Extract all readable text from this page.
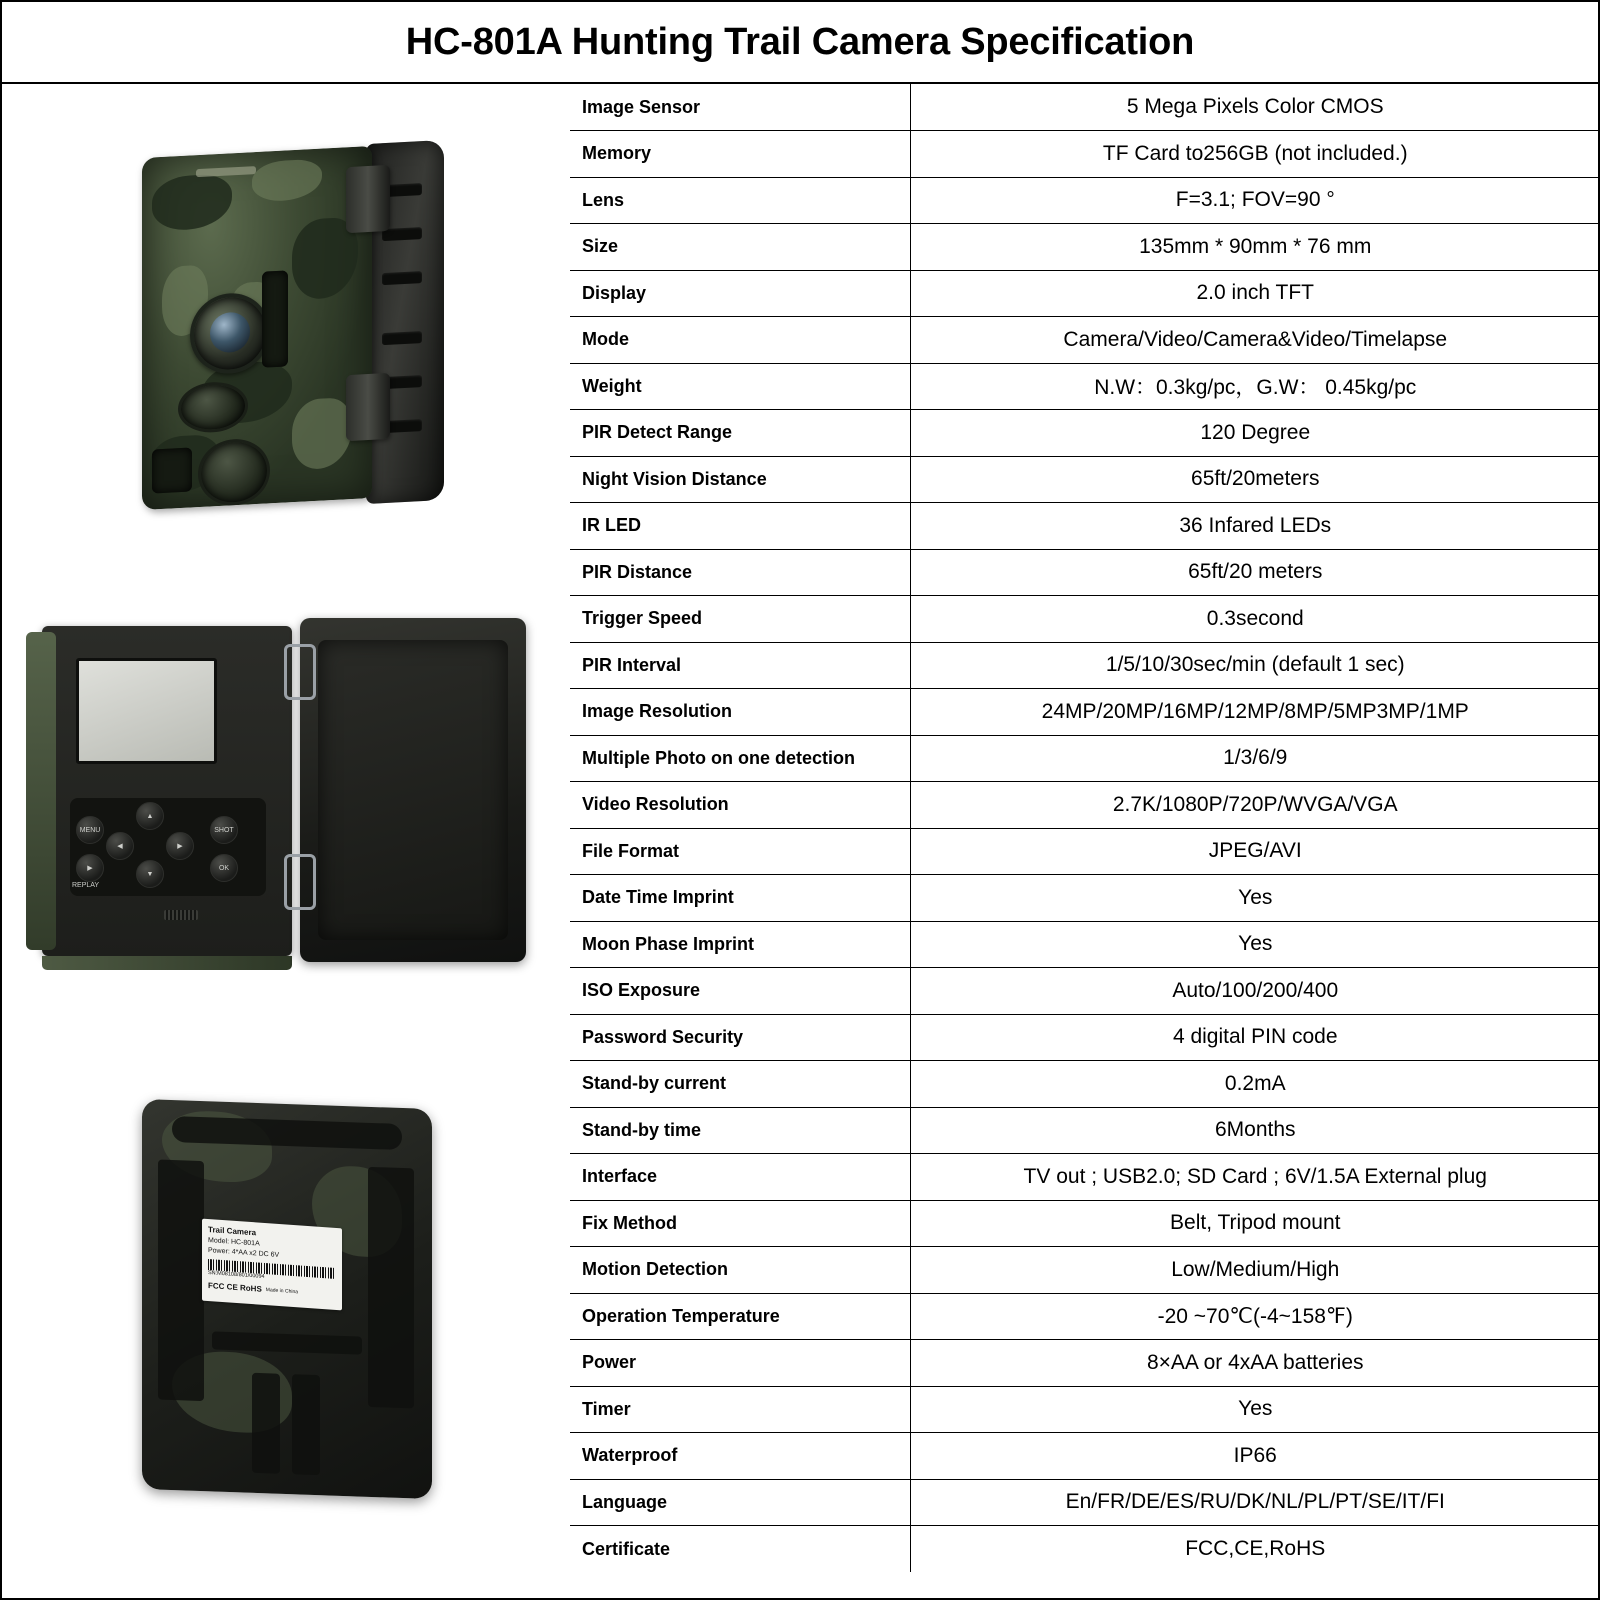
HC-801A Hunting Trail Camera Specification
MENU
▲
◀	▶
▼
▶
SHOT
OK
REPLAY
Trail Camera
Model: HC-801A
Power: 4*AA x2 DC 6V
SN:M08108/801/00094
FCC CE RoHS Made in China
Image Sensor	5 Mega Pixels Color CMOS
Memory	TF Card to256GB (not included.)
Lens	F=3.1; FOV=90 °
Size	135mm * 90mm * 76 mm
Display	2.0 inch TFT
Mode	Camera/Video/Camera&Video/Timelapse
Weight	N.W：0.3kg/pc，G.W： 0.45kg/pc
PIR Detect Range	120 Degree
Night Vision Distance	65ft/20meters
IR LED	36 Infared LEDs
PIR Distance	65ft/20 meters
Trigger Speed	0.3second
PIR Interval	1/5/10/30sec/min (default 1 sec)
Image Resolution	24MP/20MP/16MP/12MP/8MP/5MP3MP/1MP
Multiple Photo on one detection	1/3/6/9
Video Resolution	2.7K/1080P/720P/WVGA/VGA
File Format	JPEG/AVI
Date Time Imprint	Yes
Moon Phase Imprint	Yes
ISO Exposure	Auto/100/200/400
Password Security	4 digital PIN code
Stand-by current	0.2mA
Stand-by time	6Months
Interface	TV out ; USB2.0; SD Card ; 6V/1.5A External plug
Fix Method	Belt, Tripod mount
Motion Detection	Low/Medium/High
Operation Temperature	-20 ~70℃(-4~158℉)
Power	8×AA or 4xAA batteries
Timer	Yes
Waterproof	IP66
Language	En/FR/DE/ES/RU/DK/NL/PL/PT/SE/IT/FI
Certificate	FCC,CE,RoHS
